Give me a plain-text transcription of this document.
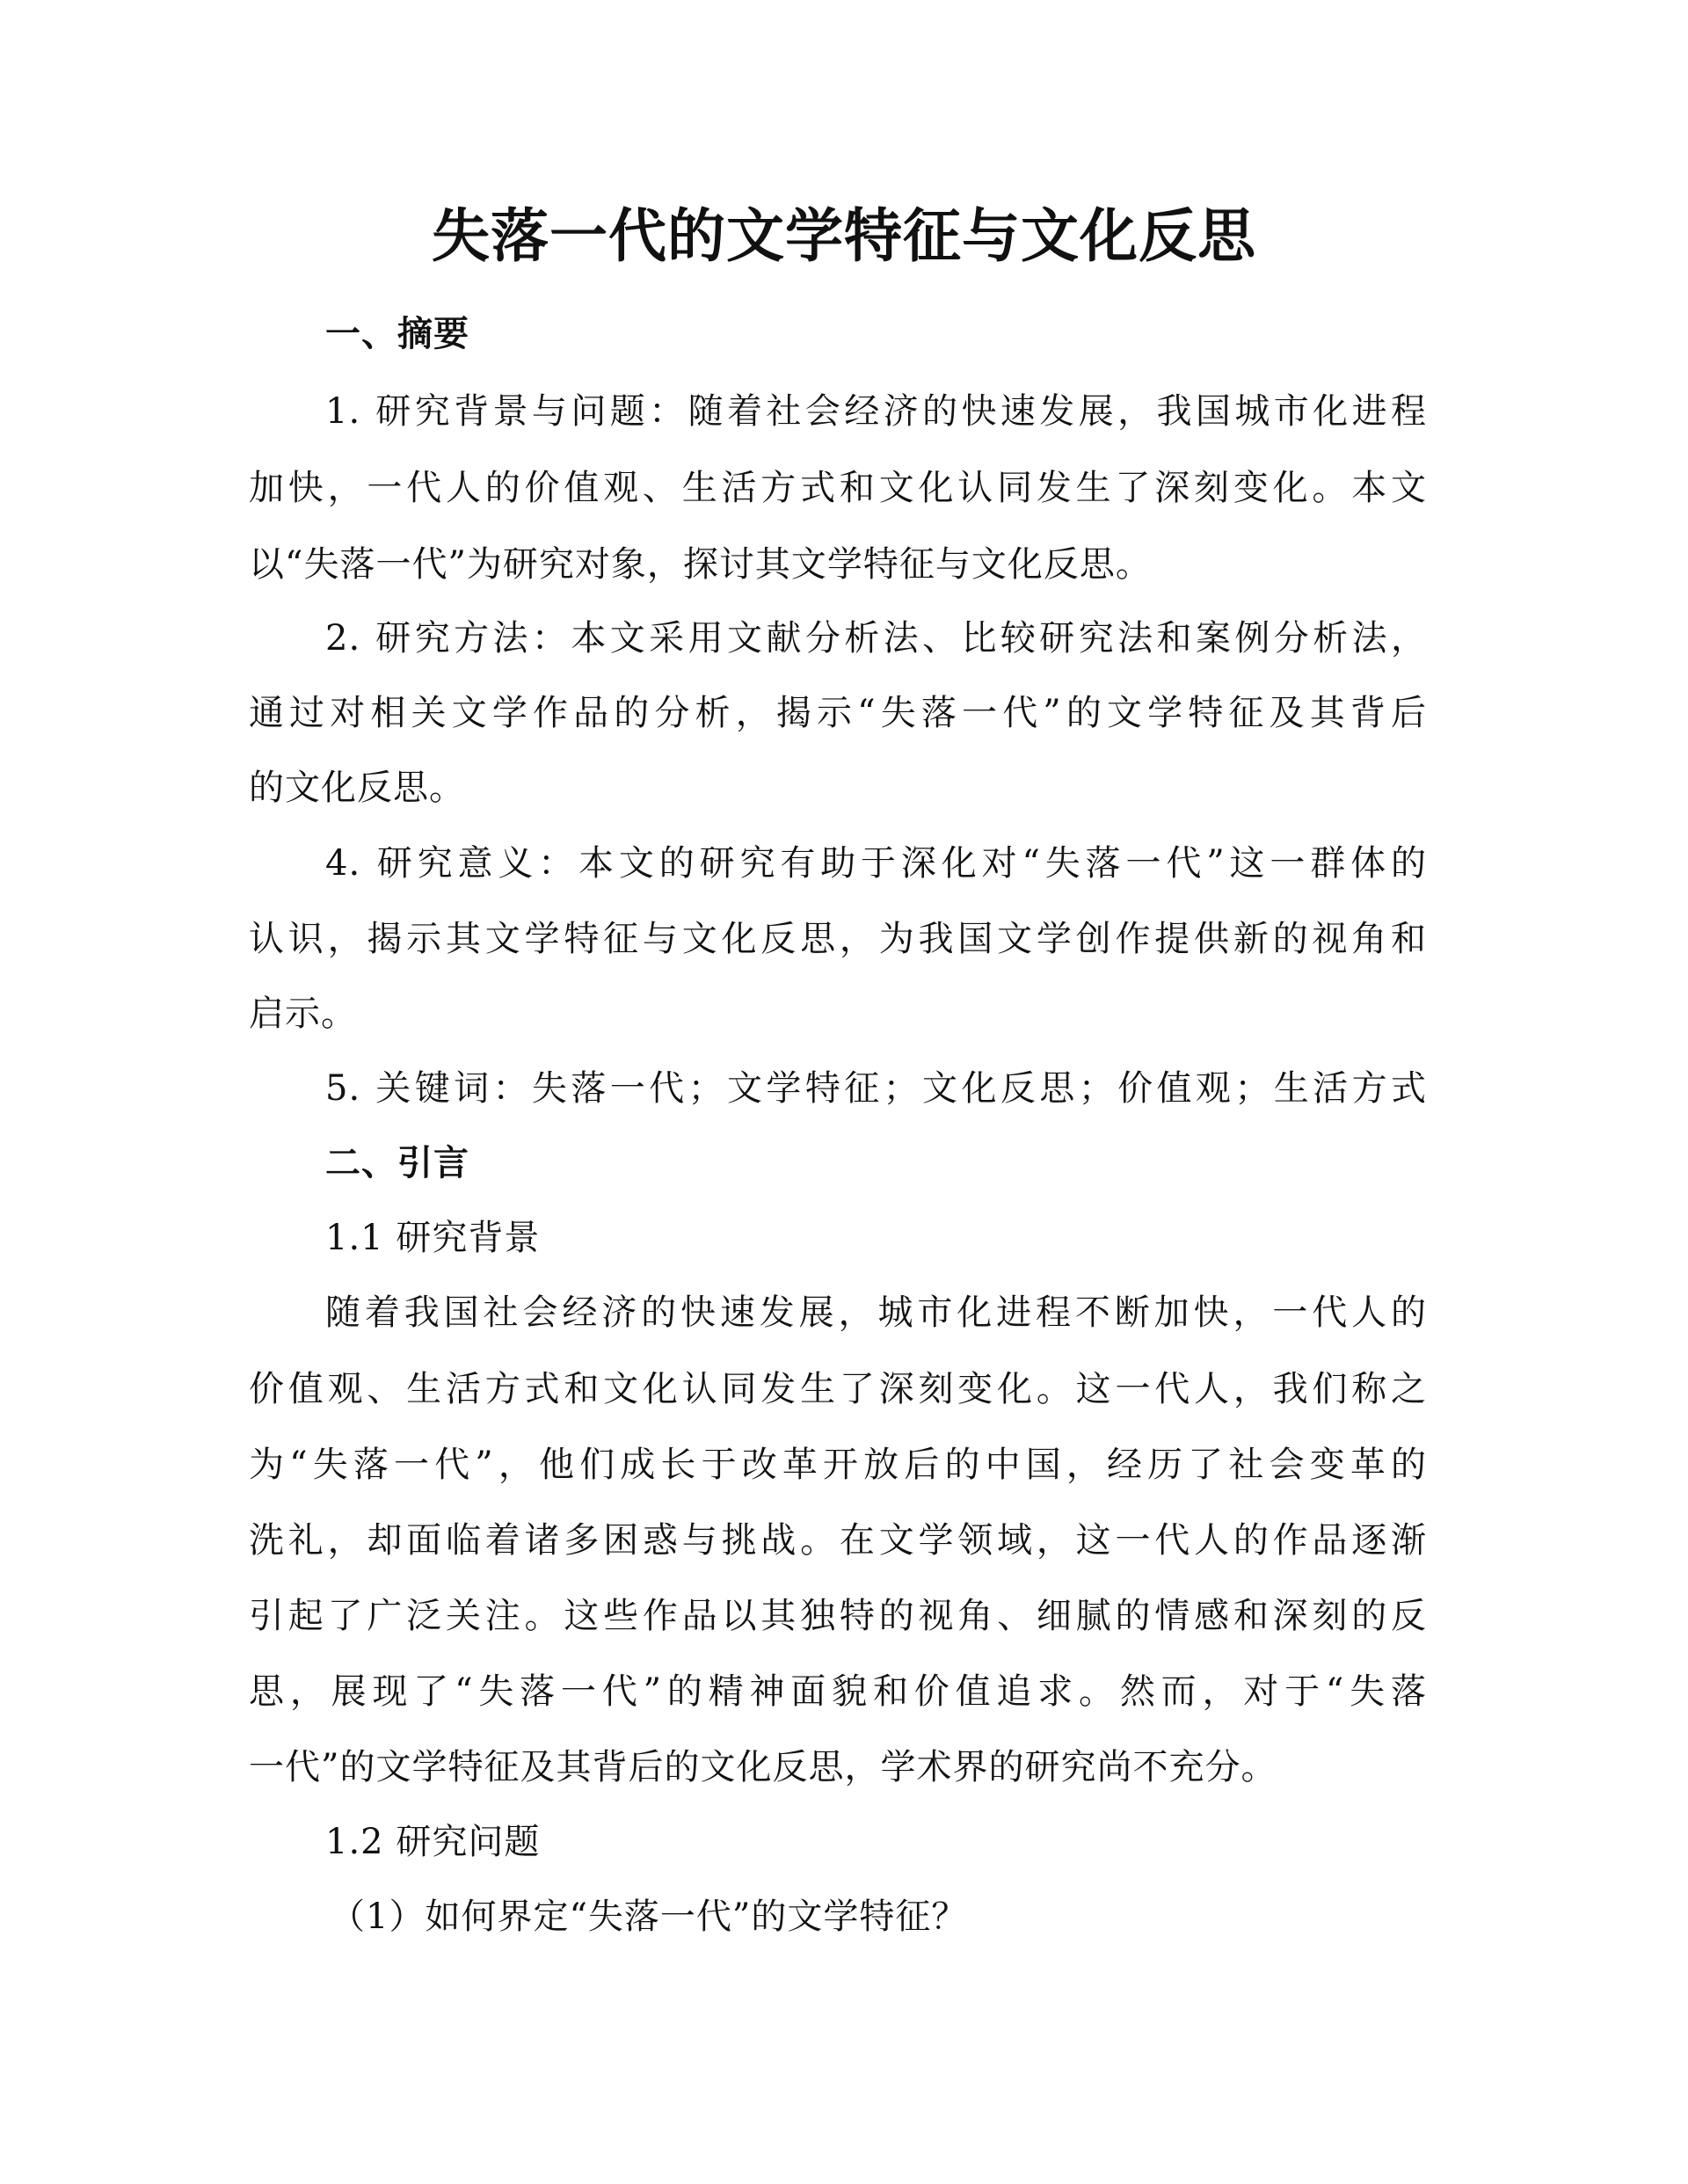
失落一代的文学特征与文化反思
一、摘要
1. 研究背景与问题：随着社会经济的快速发展，我国城市化进程
加快，一代人的价值观、生活方式和文化认同发生了深刻变化。本文
以“失落一代”为研究对象，探讨其文学特征与文化反思。
2. 研究方法：本文采用文献分析法、比较研究法和案例分析法，
通过对相关文学作品的分析，揭示“失落一代”的文学特征及其背后
的文化反思。
4. 研究意义：本文的研究有助于深化对“失落一代”这一群体的
认识，揭示其文学特征与文化反思，为我国文学创作提供新的视角和
启示。
5. 关键词：失落一代；文学特征；文化反思；价值观；生活方式
二、引言
1.1 研究背景
随着我国社会经济的快速发展，城市化进程不断加快，一代人的
价值观、生活方式和文化认同发生了深刻变化。这一代人，我们称之
为“失落一代”，他们成长于改革开放后的中国，经历了社会变革的
洗礼，却面临着诸多困惑与挑战。在文学领域，这一代人的作品逐渐
引起了广泛关注。这些作品以其独特的视角、细腻的情感和深刻的反
思，展现了“失落一代”的精神面貌和价值追求。然而，对于“失落
一代”的文学特征及其背后的文化反思，学术界的研究尚不充分。
1.2 研究问题
（1）如何界定“失落一代”的文学特征？
